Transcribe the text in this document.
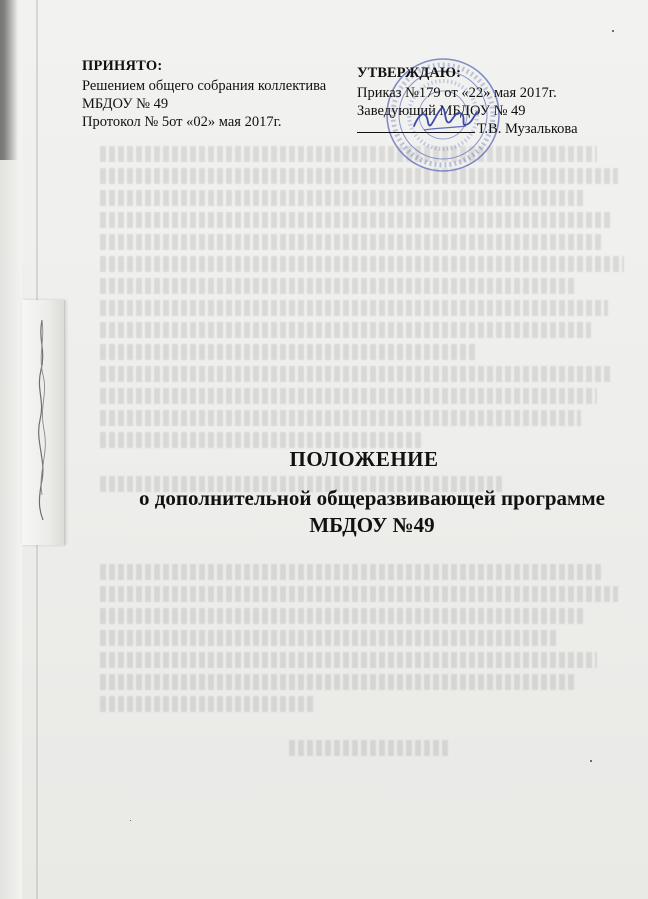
ПРИНЯТО:
Решением общего собрания коллектива
МБДОУ № 49
Протокол № 5от «02» мая 2017г.
УТВЕРЖДАЮ:
Приказ №179 от «22» мая 2017г.
Заведующий МБДОУ № 49
Т.В. Музалькова
ПОЛОЖЕНИЕ
о дополнительной общеразвивающей программе
МБДОУ №49
